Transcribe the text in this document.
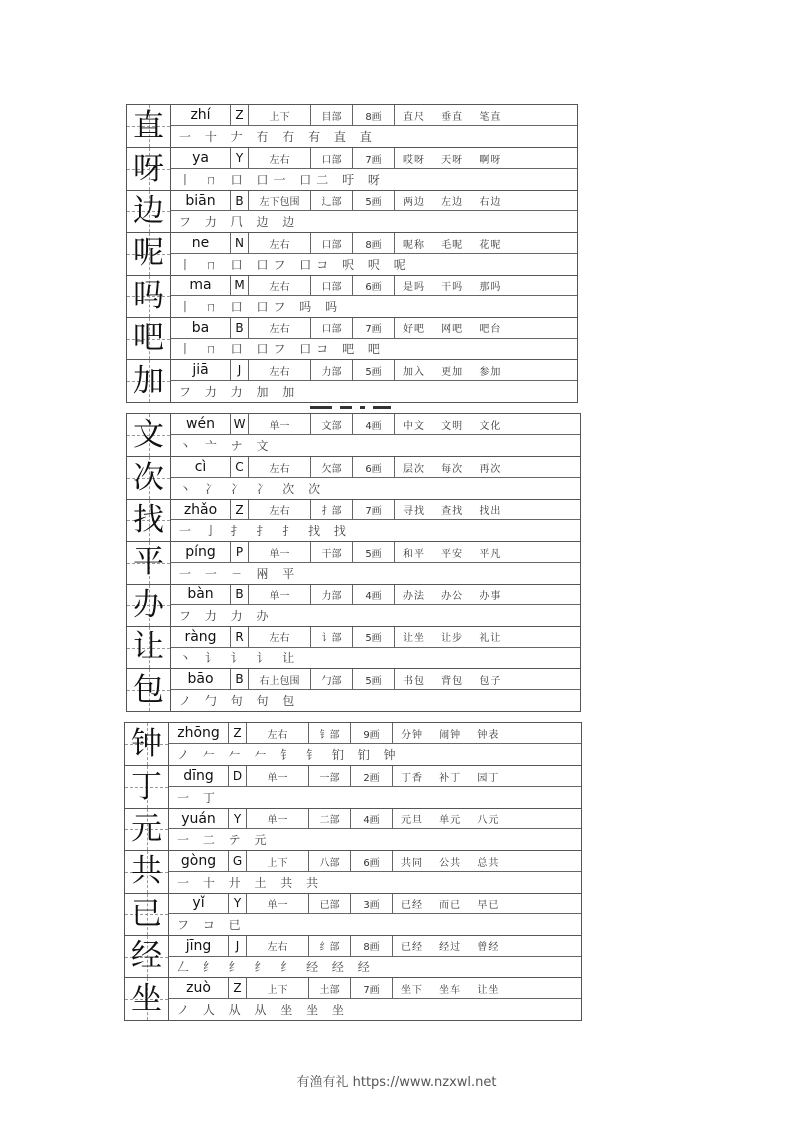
直	zhí	Z	上下	目部	8画	直尺 垂直 笔直
一 十 𠂇 冇 冇 有 直 直
呀	ya	Y	左右	口部	7画	哎呀 天呀 啊呀
丨 ㄇ 口 口一 口二 吁 呀
边	biān	B	左下包围	辶部	5画	两边 左边 右边
フ 力 ⺇ 边 边
呢	ne	N	左右	口部	8画	呢称 毛呢 花呢
丨 ㄇ 口 口フ 口コ 呎 呎 呢
吗	ma	M	左右	口部	6画	是吗 干吗 那吗
丨 ㄇ 口 口フ 吗 吗
吧	ba	B	左右	口部	7画	好吧 网吧 吧台
丨 ㄇ 口 口フ 口コ 吧 吧
加	jiā	J	左右	力部	5画	加入 更加 参加
フ 力 力 加 加
文	wén	W	单一	文部	4画	中文 文明 文化
丶 亠 ナ 文
次	cì	C	左右	欠部	6画	层次 每次 再次
丶 冫 冫 冫 次 次
找	zhǎo	Z	左右	扌部	7画	寻找 查找 找出
一 亅 扌 扌 扌 找 找
平	píng	P	单一	干部	5画	和平 平安 平凡
一 一 ㄧ 㒳 平
办	bàn	B	单一	力部	4画	办法 办公 办事
フ 力 力 办
让	ràng	R	左右	讠部	5画	让坐 让步 礼让
丶 讠 讠 讠 让
包	bāo	B	右上包围	勹部	5画	书包 背包 包子
ノ 勹 句 句 包
钟	zhōng	Z	左右	钅部	9画	分钟 闹钟 钟表
ノ 𠂉 𠂉 𠂉 钅 钅 钔 钔 钟
丁	dīng	D	单一	一部	2画	丁香 补丁 园丁
一 丁
元	yuán	Y	单一	二部	4画	元旦 单元 八元
一 二 テ 元
共	gòng	G	上下	八部	6画	共同 公共 总共
一 十 廾 土 共 共
已	yǐ	Y	单一	已部	3画	已经 而已 早已
フ コ 已
经	jīng	J	左右	纟部	8画	已经 经过 曾经
𠃋 纟 纟 纟 纟 经 经 经
坐	zuò	Z	上下	土部	7画	坐下 坐车 让坐
ノ 人 从 从 坐 坐 坐
有渔有礼 https://www.nzxwl.net
